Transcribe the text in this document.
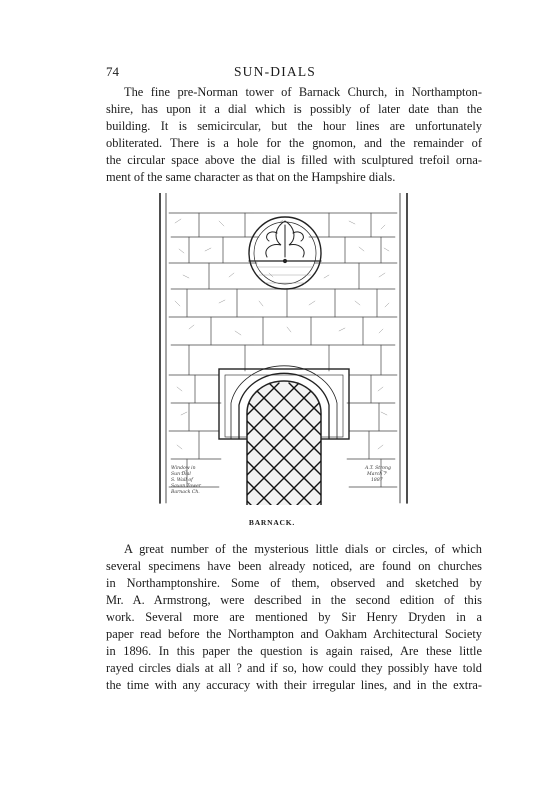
74	SUN-DIALS
The fine pre-Norman tower of Barnack Church, in Northampton-
shire, has upon it a dial which is possibly of later date than the
building. It is semicircular, but the hour lines are unfortunately
obliterated. There is a hole for the gnomon, and the remainder of
the circular space above the dial is filled with sculptured trefoil orna-
ment of the same character as that on the Hampshire dials.
Window in
Sun Dial
S. Wall of
Saxon Tower
Barnack Ch.
A.T. Strong
March 7
1887
BARNACK.
A great number of the mysterious little dials or circles, of which
several specimens have been already noticed, are found on churches
in Northamptonshire. Some of them, observed and sketched by
Mr. A. Armstrong, were described in the second edition of this
work. Several more are mentioned by Sir Henry Dryden in a
paper read before the Northampton and Oakham Architectural Society
in 1896. In this paper the question is again raised, Are these little
rayed circles dials at all ? and if so, how could they possibly have told
the time with any accuracy with their irregular lines, and in the extra-
